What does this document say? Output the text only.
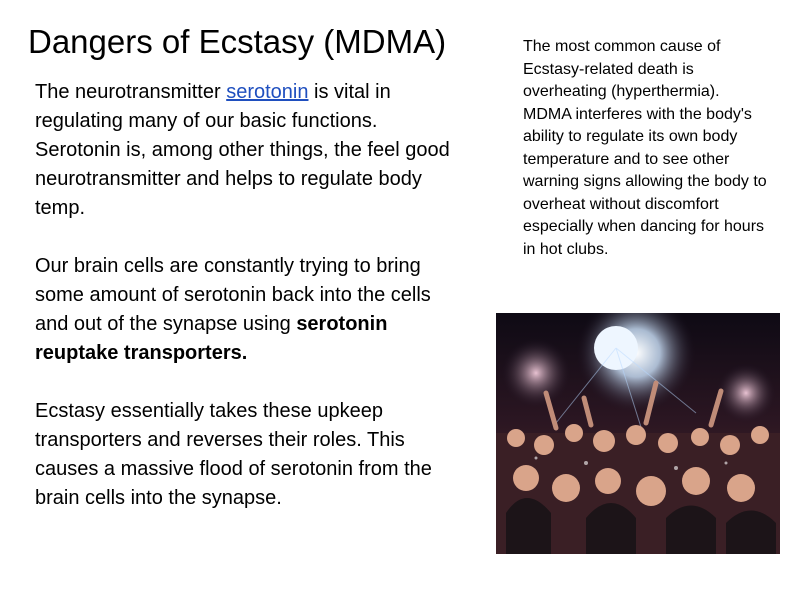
Dangers of Ecstasy (MDMA)

The neurotransmitter serotonin is vital in regulating many of our basic functions. Serotonin is, among other things, the feel good neurotransmitter and helps to regulate body temp.

Our brain cells are constantly trying to bring some amount of serotonin back into the cells and out of the synapse using serotonin reuptake transporters.

Ecstasy essentially takes these upkeep transporters and reverses their roles. This causes a massive flood of serotonin from the brain cells into the synapse.

The most common cause of Ecstasy-related death is overheating (hyperthermia). MDMA interferes with the body's ability to regulate its own body temperature and to see other warning signs allowing the body to overheat without discomfort especially when dancing for hours in hot clubs.
